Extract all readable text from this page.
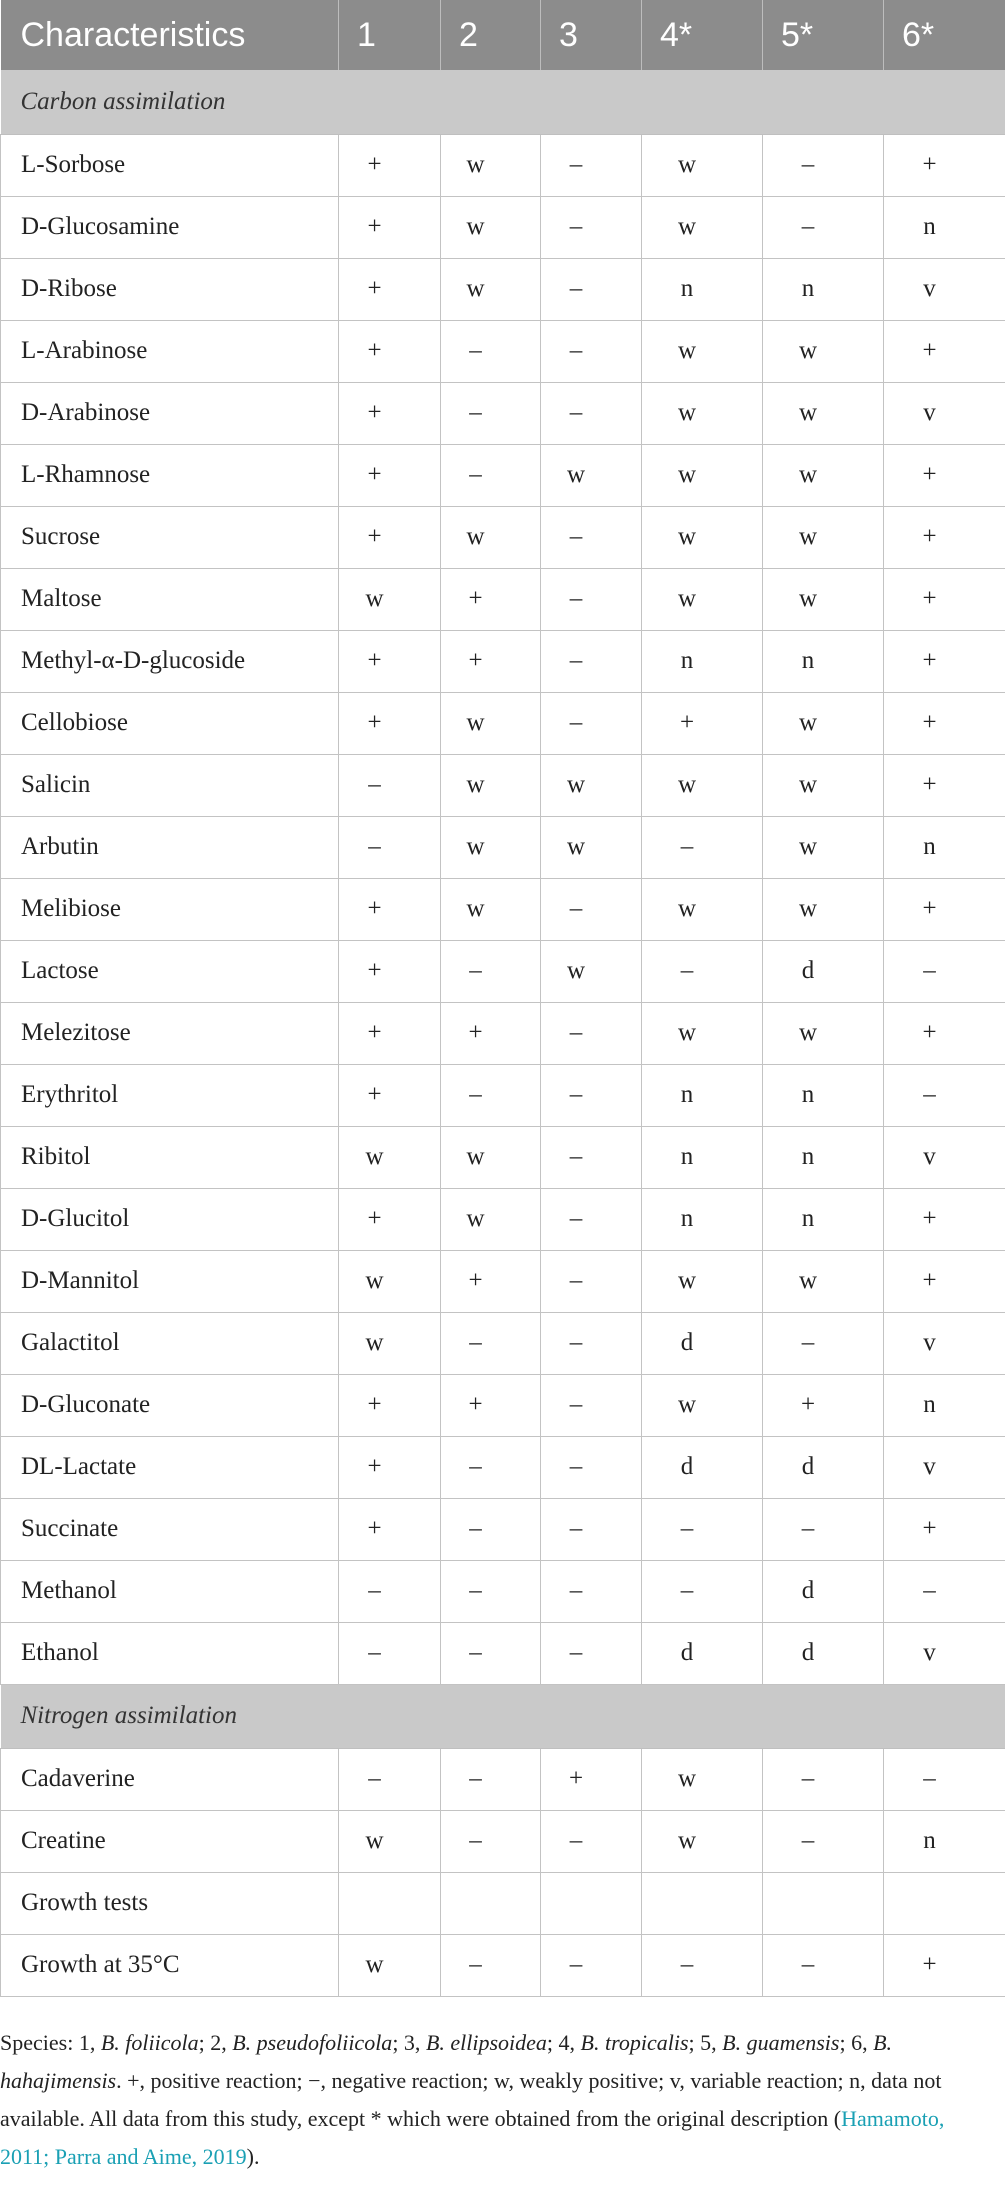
Characteristics	1	2	3	4*	5*	6*
Carbon assimilation						
L-Sorbose	+	w	–	w	–	+
D-Glucosamine	+	w	–	w	–	n
D-Ribose	+	w	–	n	n	v
L-Arabinose	+	–	–	w	w	+
D-Arabinose	+	–	–	w	w	v
L-Rhamnose	+	–	w	w	w	+
Sucrose	+	w	–	w	w	+
Maltose	w	+	–	w	w	+
Methyl-α-D-glucoside	+	+	–	n	n	+
Cellobiose	+	w	–	+	w	+
Salicin	–	w	w	w	w	+
Arbutin	–	w	w	–	w	n
Melibiose	+	w	–	w	w	+
Lactose	+	–	w	–	d	–
Melezitose	+	+	–	w	w	+
Erythritol	+	–	–	n	n	–
Ribitol	w	w	–	n	n	v
D-Glucitol	+	w	–	n	n	+
D-Mannitol	w	+	–	w	w	+
Galactitol	w	–	–	d	–	v
D-Gluconate	+	+	–	w	+	n
DL-Lactate	+	–	–	d	d	v
Succinate	+	–	–	–	–	+
Methanol	–	–	–	–	d	–
Ethanol	–	–	–	d	d	v
Nitrogen assimilation						
Cadaverine	–	–	+	w	–	–
Creatine	w	–	–	w	–	n
Growth tests						
Growth at 35°C	w	–	–	–	–	+
Species: 1, B. foliicola; 2, B. pseudofoliicola; 3, B. ellipsoidea; 4, B. tropicalis; 5, B. guamensis; 6, B. hahajimensis. +, positive reaction; −, negative reaction; w, weakly positive; v, variable reaction; n, data not available. All data from this study, except * which were obtained from the original description (Hamamoto, 2011; Parra and Aime, 2019).
